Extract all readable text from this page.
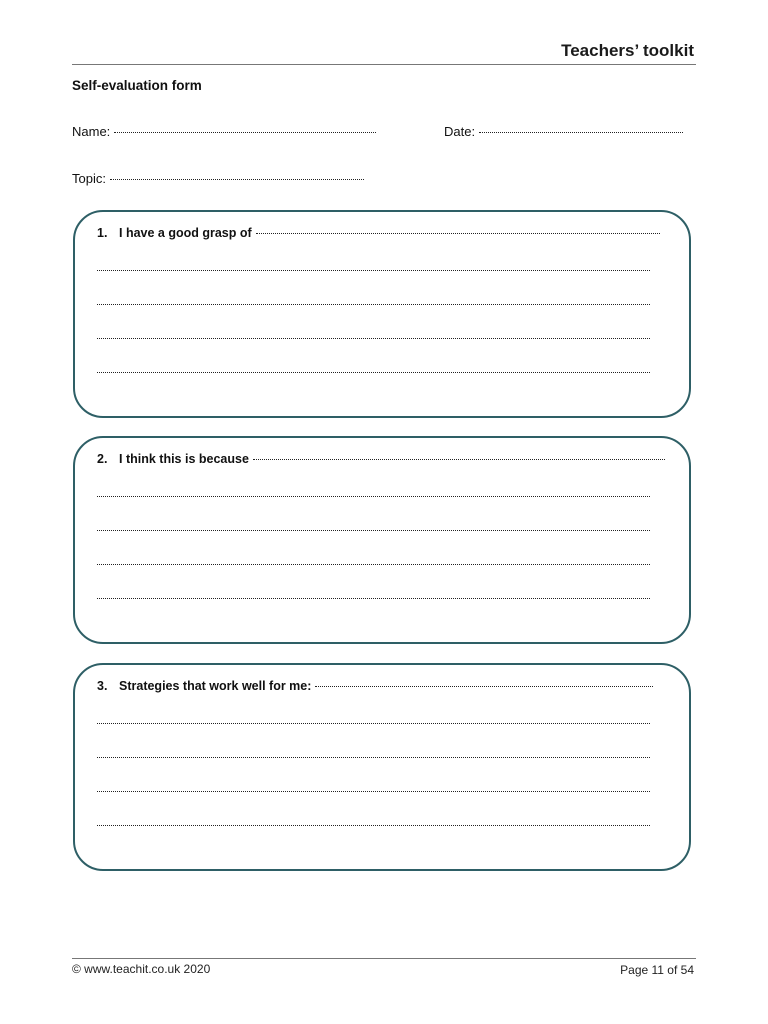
Teachers’ toolkit
Self-evaluation form
Name:	Date:
Topic:
1. I have a good grasp of
2. I think this is because
3. Strategies that work well for me:
© www.teachit.co.uk 2020	Page 11 of 54
